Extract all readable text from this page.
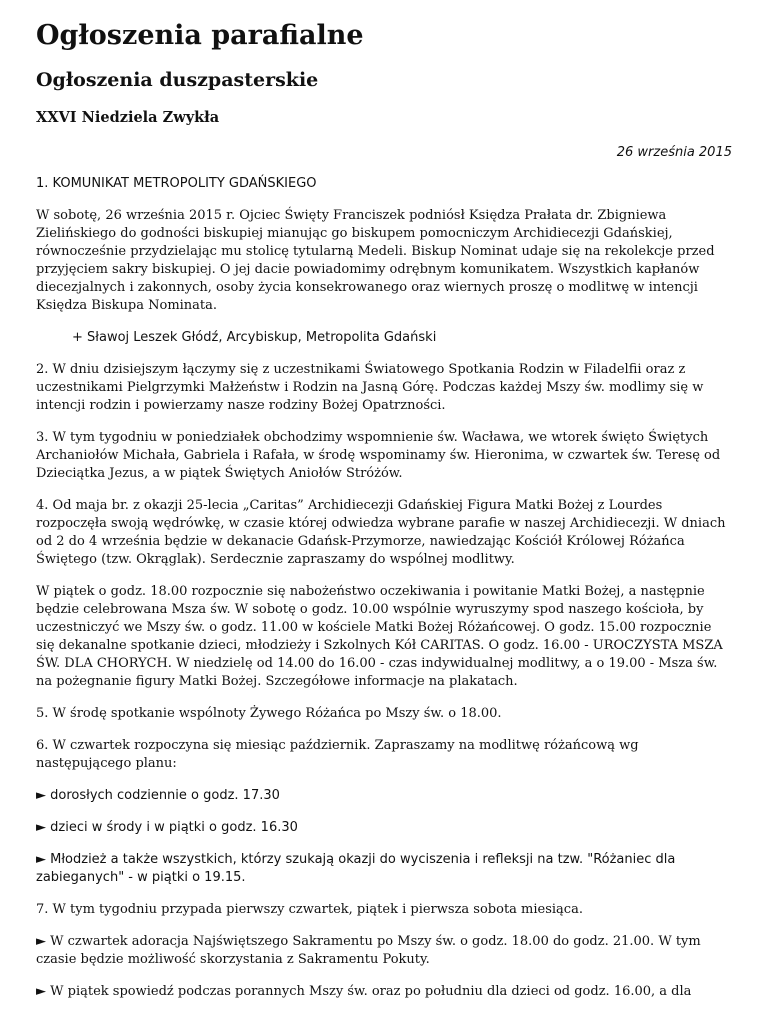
Ogłoszenia parafialne
Ogłoszenia duszpasterskie
XXVI Niedziela Zwykła
26 września 2015

1. KOMUNIKAT METROPOLITY GDAŃSKIEGO

W sobotę, 26 września 2015 r. Ojciec Święty Franciszek podniósł Księdza Prałata dr. Zbigniewa Zielińskiego do godności biskupiej mianując go biskupem pomocniczym Archidiecezji Gdańskiej, równocześnie przydzielając mu stolicę tytularną Medeli. Biskup Nominat udaje się na rekolekcje przed przyjęciem sakry biskupiej. O jej dacie powiadomimy odrębnym komunikatem. Wszystkich kapłanów diecezjalnych i zakonnych, osoby życia konsekrowanego oraz wiernych proszę o modlitwę w intencji Księdza Biskupa Nominata.

+ Sławoj Leszek Głódź, Arcybiskup, Metropolita Gdański

2. W dniu dzisiejszym łączymy się z uczestnikami Światowego Spotkania Rodzin w Filadelfii oraz z uczestnikami Pielgrzymki Małżeństw i Rodzin na Jasną Górę. Podczas każdej Mszy św. modlimy się w intencji rodzin i powierzamy nasze rodziny Bożej Opatrzności.

3. W tym tygodniu w poniedziałek obchodzimy wspomnienie św. Wacława, we wtorek święto Świętych Archaniołów Michała, Gabriela i Rafała, w środę wspominamy św. Hieronima, w czwartek św. Teresę od Dzieciątka Jezus, a w piątek Świętych Aniołów Stróżów.

4. Od maja br. z okazji 25-lecia „Caritas” Archidiecezji Gdańskiej Figura Matki Bożej z Lourdes rozpoczęła swoją wędrówkę, w czasie której odwiedza wybrane parafie w naszej Archidiecezji. W dniach od 2 do 4 września będzie w dekanacie Gdańsk-Przymorze, nawiedzając Kościół Królowej Różańca Świętego (tzw. Okrąglak). Serdecznie zapraszamy do wspólnej modlitwy.

W piątek o godz. 18.00 rozpocznie się nabożeństwo oczekiwania i powitanie Matki Bożej, a następnie będzie celebrowana Msza św. W sobotę o godz. 10.00 wspólnie wyruszymy spod naszego kościoła, by uczestniczyć we Mszy św. o godz. 11.00 w kościele Matki Bożej Różańcowej. O godz. 15.00 rozpocznie się dekanalne spotkanie dzieci, młodzieży i Szkolnych Kół CARITAS. O godz. 16.00 - UROCZYSTA MSZA ŚW. DLA CHORYCH. W niedzielę od 14.00 do 16.00 - czas indywidualnej modlitwy, a o 19.00 - Msza św. na pożegnanie figury Matki Bożej. Szczegółowe informacje na plakatach.

5. W środę spotkanie wspólnoty Żywego Różańca po Mszy św. o 18.00.

6. W czwartek rozpoczyna się miesiąc październik. Zapraszamy na modlitwę różańcową wg następującego planu:

► dorosłych codziennie o godz. 17.30

► dzieci w środy i w piątki o godz. 16.30

► Młodzież a także wszystkich, którzy szukają okazji do wyciszenia i refleksji na tzw. "Różaniec dla zabieganych" - w piątki o 19.15.

7. W tym tygodniu przypada pierwszy czwartek, piątek i pierwsza sobota miesiąca.

► W czwartek adoracja Najświętszego Sakramentu po Mszy św. o godz. 18.00 do godz. 21.00. W tym czasie będzie możliwość skorzystania z Sakramentu Pokuty.

► W piątek spowiedź podczas porannych Mszy św. oraz po południu dla dzieci od godz. 16.00, a dla
